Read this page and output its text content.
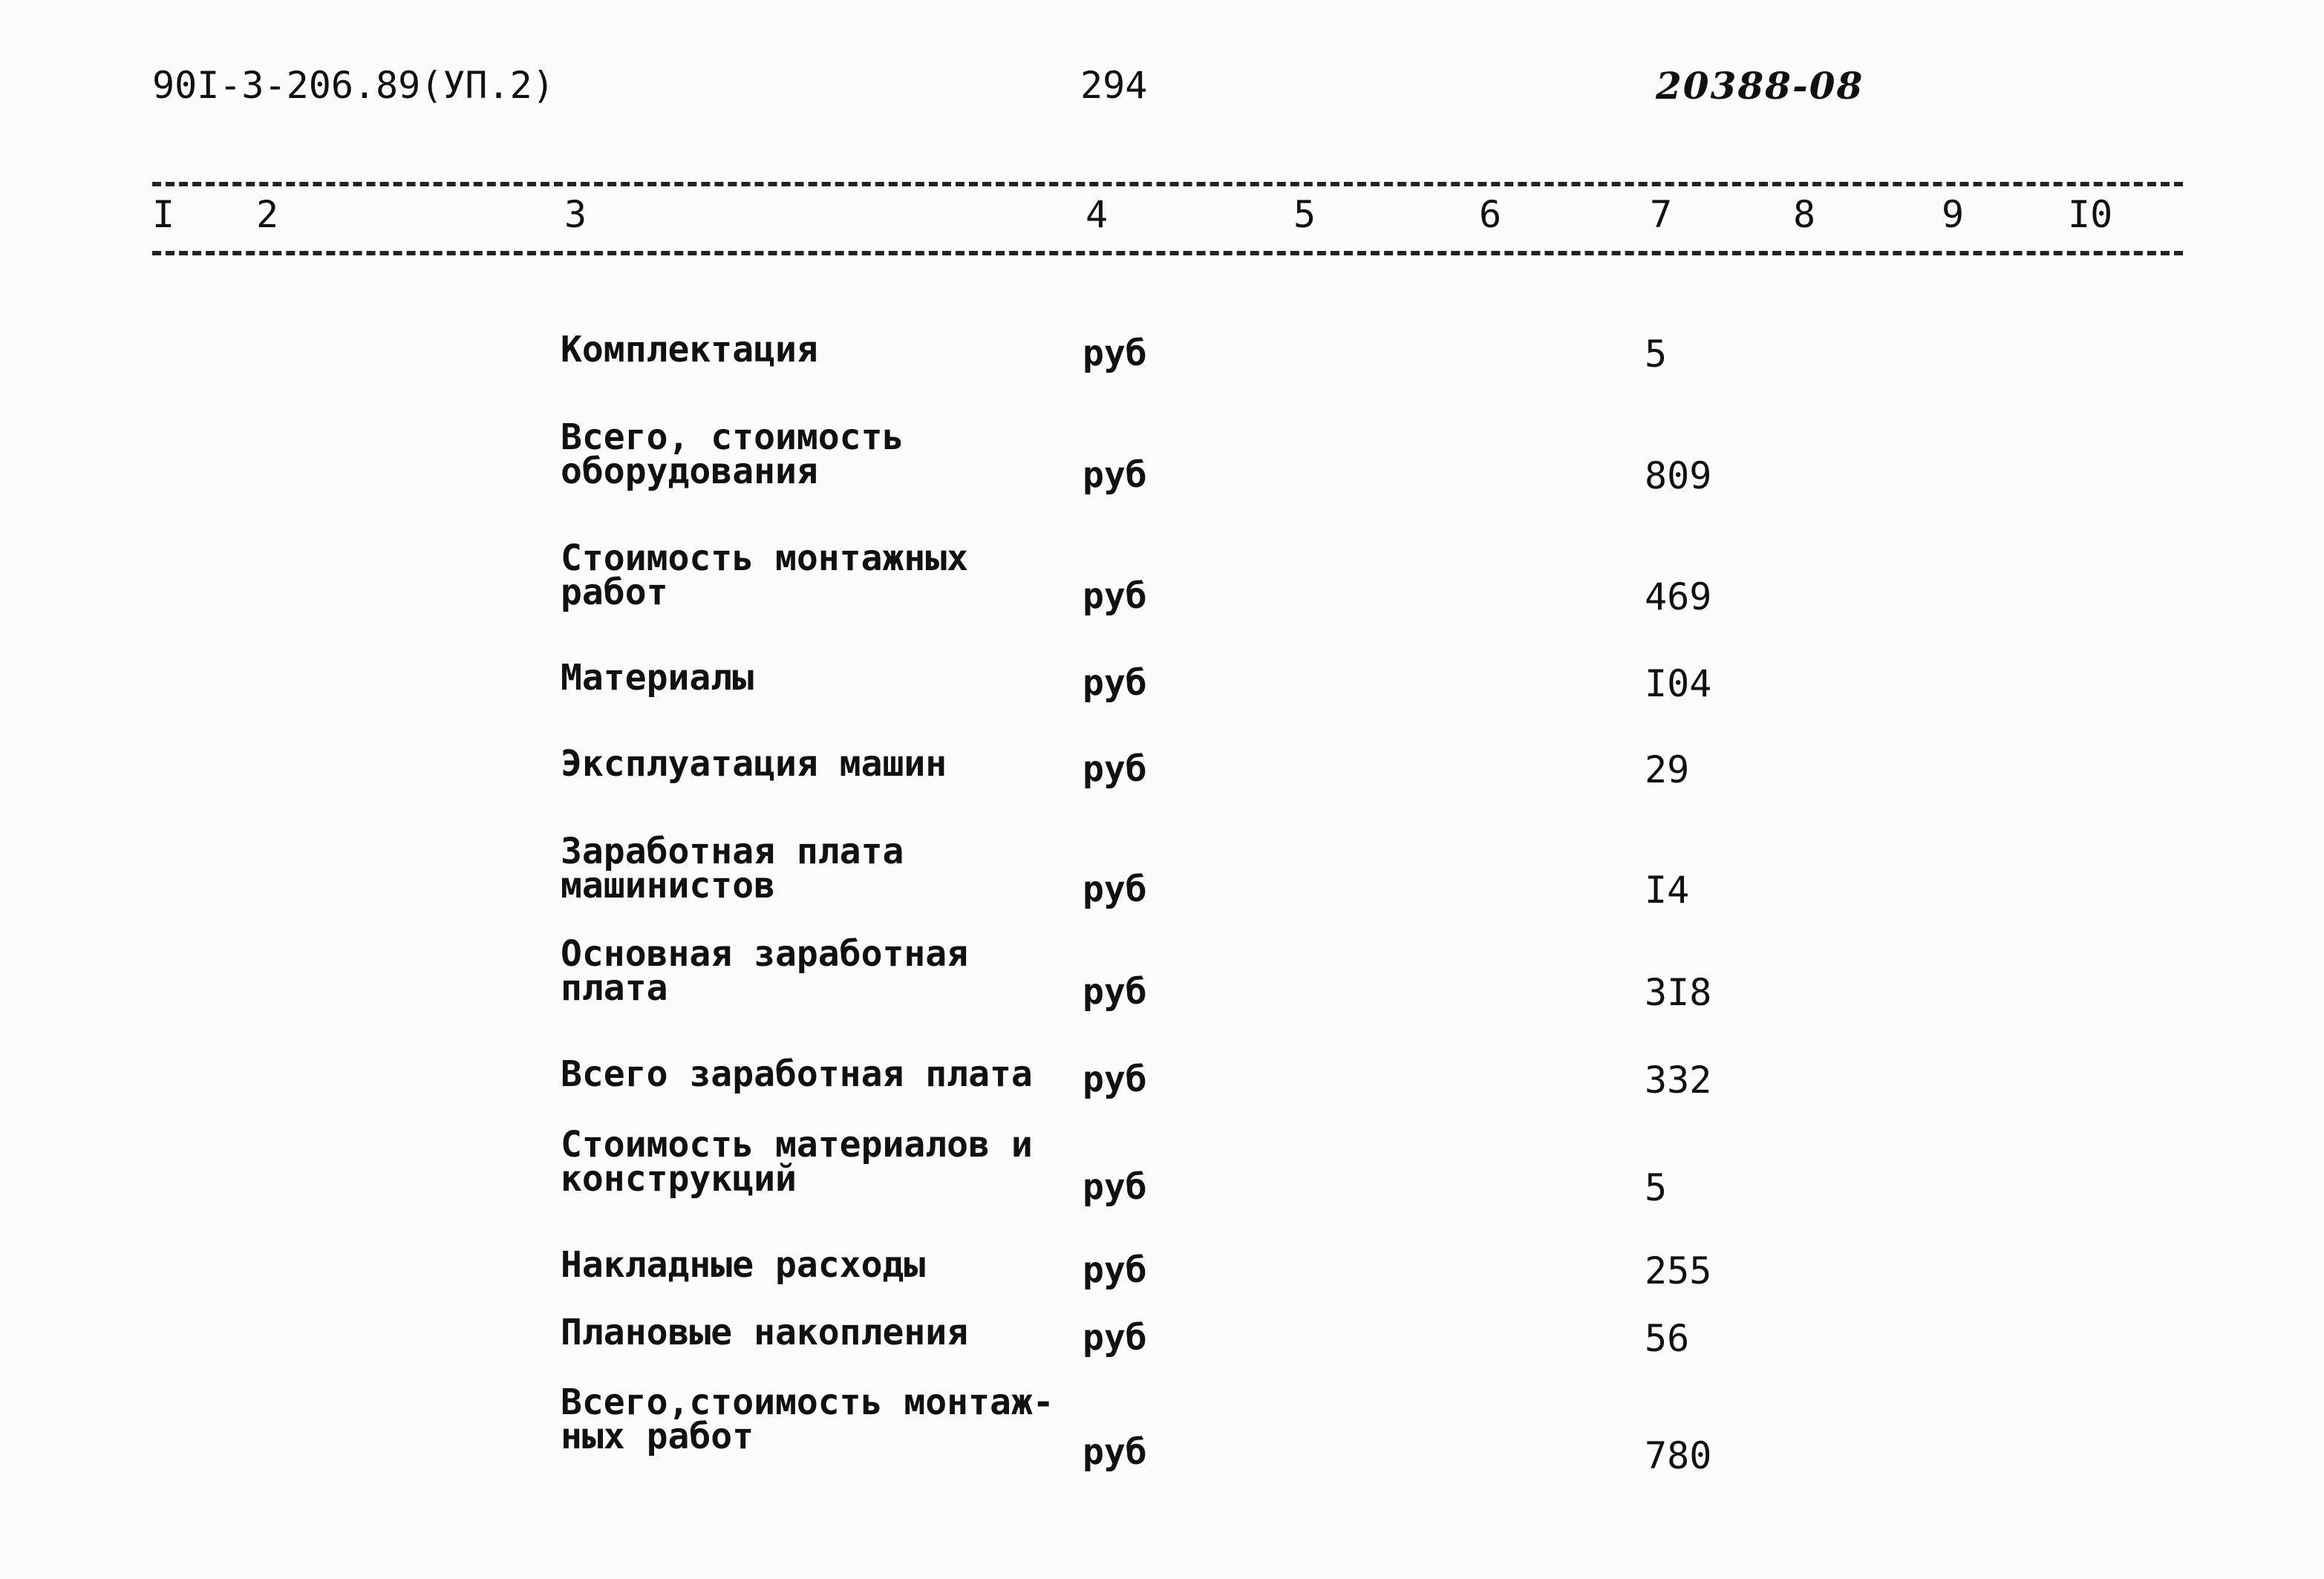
90I-3-206.89(УП.2)	294	20388-08
I 2	3	4	5	6	7	8	9	I0
Комплектация	руб	5
Всего, стоимость
оборудования	руб	809
Стоимость монтажных
работ	руб	469
Материалы	руб	I04
Эксплуатация машин	руб	29
Заработная плата
машинистов	руб	I4
Основная заработная
плата	руб	3I8
Всего заработная плата	руб	332
Стоимость материалов и
конструкций	руб	5
Накладные расходы	руб	255
Плановые накопления	руб	56
Всего,стоимость монтаж-
ных работ	руб	780
